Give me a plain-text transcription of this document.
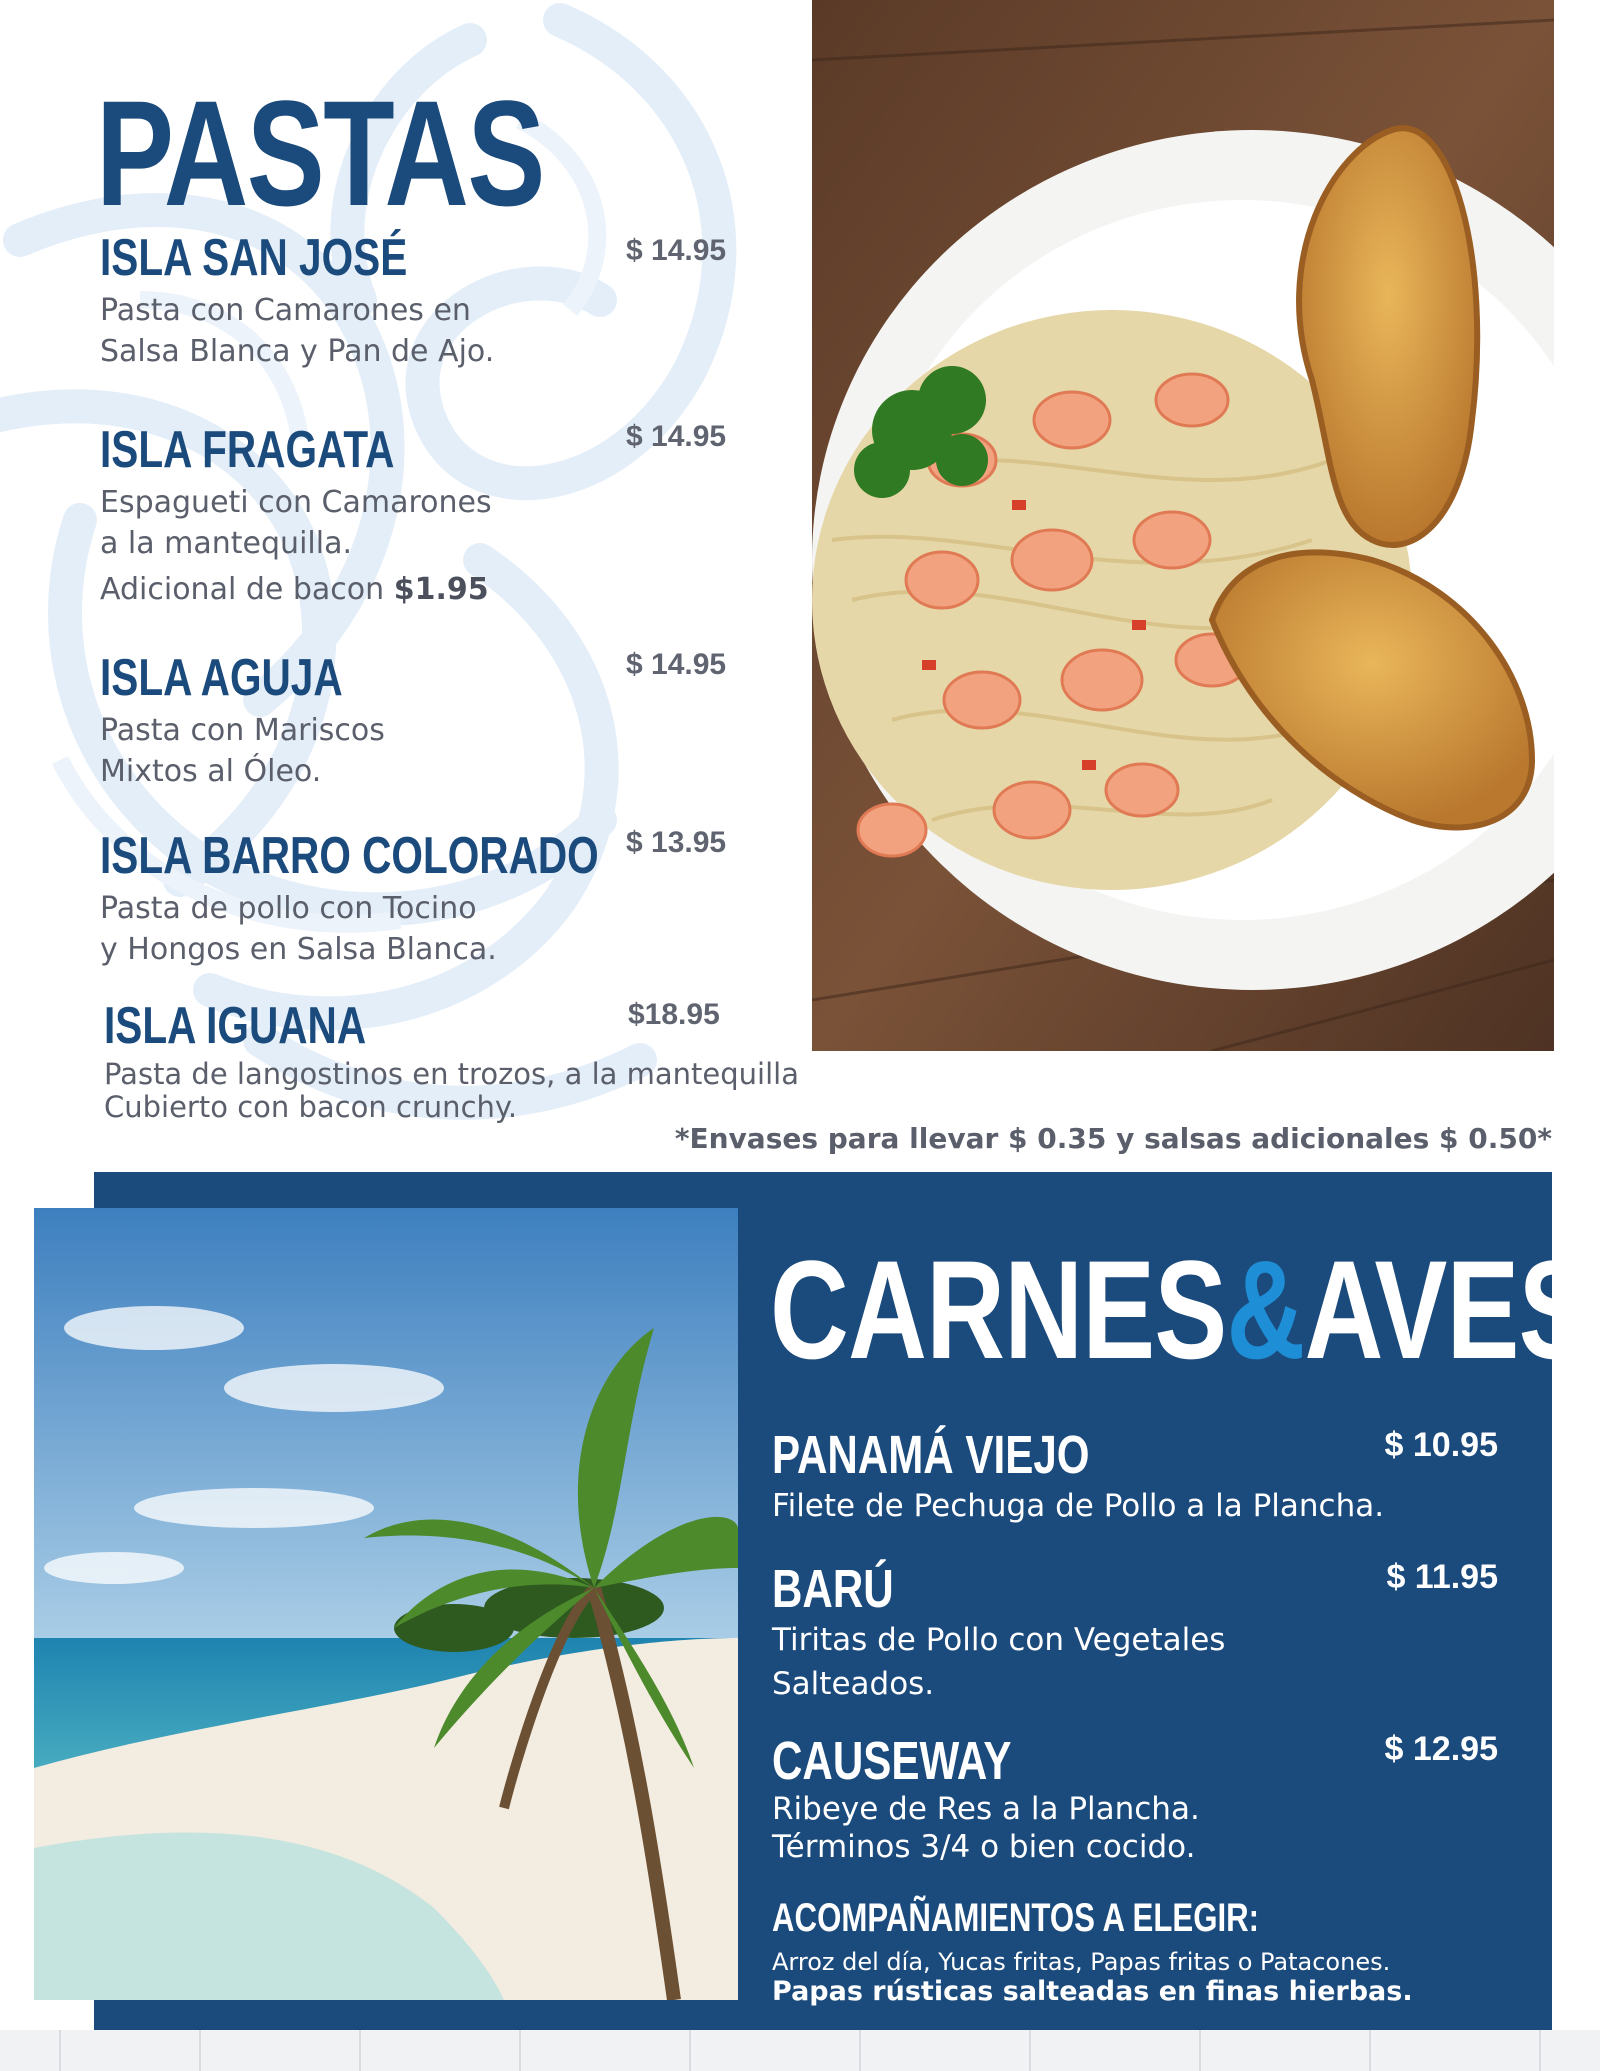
PASTAS
ISLA SAN JOSÉ	$ 14.95
Pasta con Camarones en
Salsa Blanca y Pan de Ajo.
ISLA FRAGATA	$ 14.95
Espagueti con Camarones
a la mantequilla.
Adicional de bacon $1.95
ISLA AGUJA	$ 14.95
Pasta con Mariscos
Mixtos al Óleo.
ISLA BARRO COLORADO $ 13.95
Pasta de pollo con Tocino
y Hongos en Salsa Blanca.
ISLA IGUANA	$18.95
Pasta de langostinos en trozos, a la mantequilla
Cubierto con bacon crunchy.
*Envases para llevar $ 0.35 y salsas adicionales $ 0.50*
CARNES&AVES
PANAMÁ VIEJO	$ 10.95
Filete de Pechuga de Pollo a la Plancha.
BARÚ	$ 11.95
Tiritas de Pollo con Vegetales
Salteados.
CAUSEWAY	$ 12.95
Ribeye de Res a la Plancha.
Términos 3/4 o bien cocido.
ACOMPAÑAMIENTOS A ELEGIR:
Arroz del día, Yucas fritas, Papas fritas o Patacones.
Papas rústicas salteadas en finas hierbas.
